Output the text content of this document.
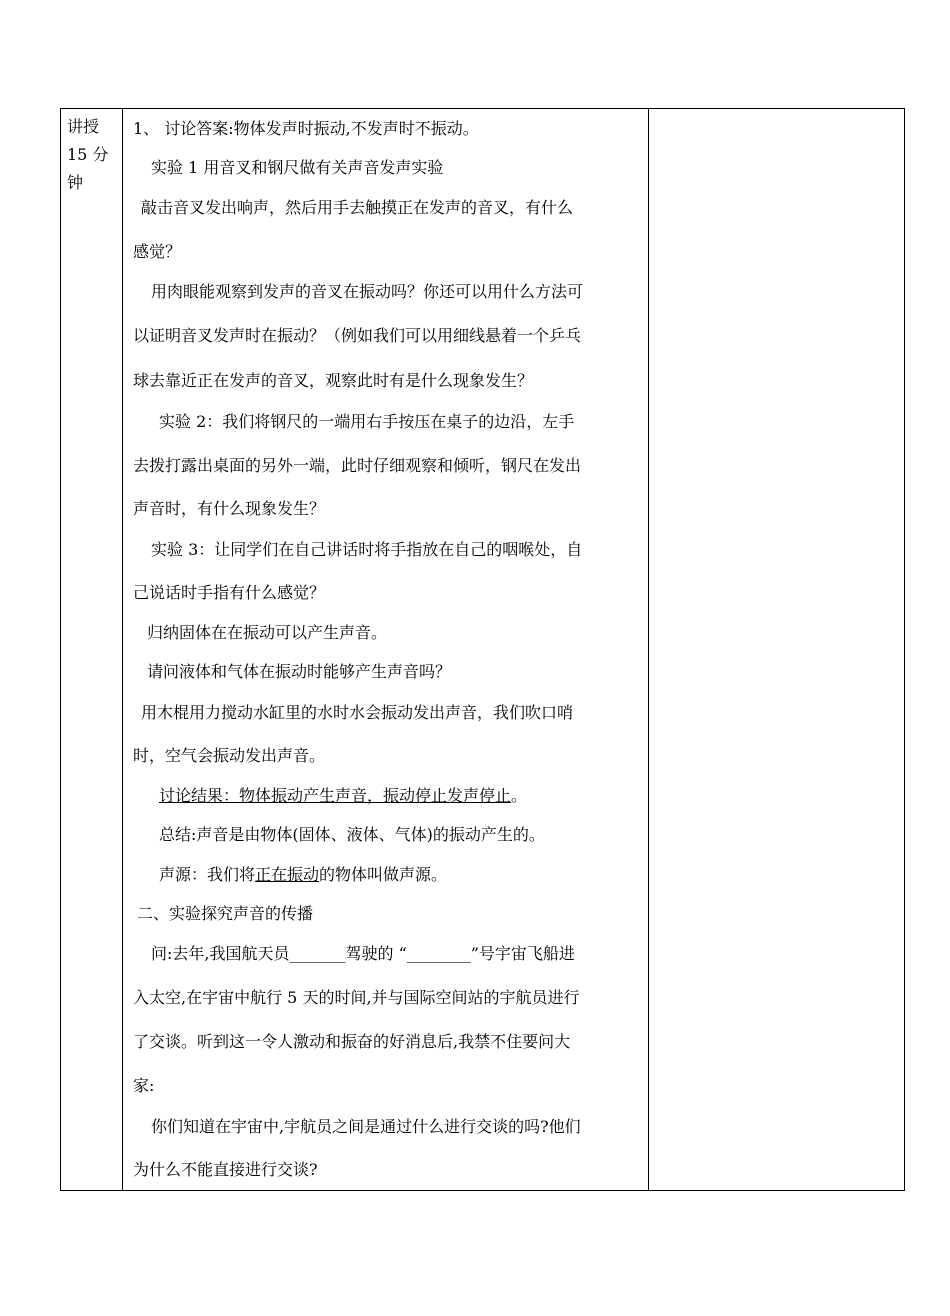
讲授
15 分
钟
1、 讨论答案:物体发声时振动,不发声时不振动。
实验 1 用音叉和钢尺做有关声音发声实验
敲击音叉发出响声，然后用手去触摸正在发声的音叉，有什么
感觉？
用肉眼能观察到发声的音叉在振动吗？你还可以用什么方法可
以证明音叉发声时在振动？（例如我们可以用细线悬着一个乒乓
球去靠近正在发声的音叉，观察此时有是什么现象发生？
实验 2：我们将钢尺的一端用右手按压在桌子的边沿，左手
去拨打露出桌面的另外一端，此时仔细观察和倾听，钢尺在发出
声音时，有什么现象发生？
实验 3：让同学们在自己讲话时将手指放在自己的咽喉处，自
己说话时手指有什么感觉？
归纳固体在在振动可以产生声音。
请问液体和气体在振动时能够产生声音吗？
用木棍用力搅动水缸里的水时水会振动发出声音，我们吹口哨
时，空气会振动发出声音。
讨论结果：物体振动产生声音，振动停止发声停止。
总结:声音是由物体(固体、液体、气体)的振动产生的。
声源：我们将正在振动的物体叫做声源。
二、实验探究声音的传播
问:去年,我国航天员_______驾驶的 “________”号宇宙飞船进
入太空,在宇宙中航行 5 天的时间,并与国际空间站的宇航员进行
了交谈。听到这一令人激动和振奋的好消息后,我禁不住要问大
家:
你们知道在宇宙中,宇航员之间是通过什么进行交谈的吗?他们
为什么不能直接进行交谈?
